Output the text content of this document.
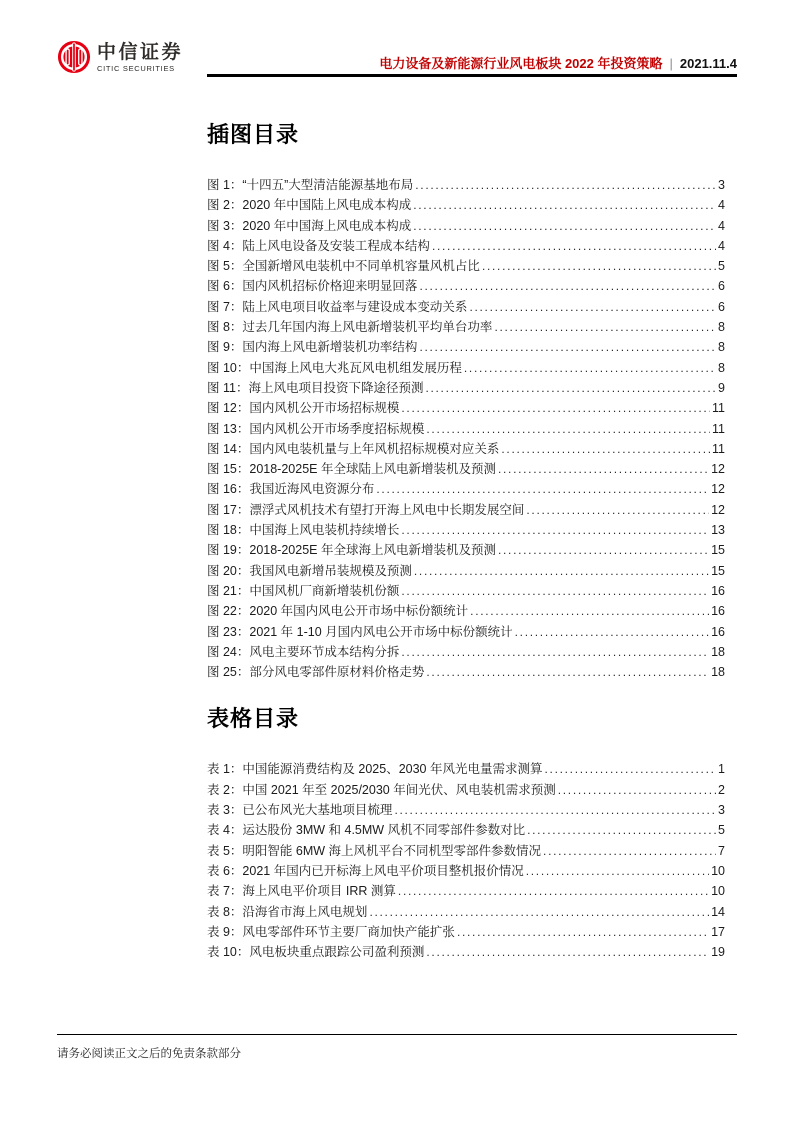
中信证券
CITIC SECURITIES	电力设备及新能源行业风电板块 2022 年投资策略 | 2021.11.4
插图目录
图 1：“十四五”大型清洁能源基地布局 .....	3
图 2：2020 年中国陆上风电成本构成 .....	4
图 3：2020 年中国海上风电成本构成 .....	4
图 4：陆上风电设备及安装工程成本结构 .....	4
图 5：全国新增风电装机中不同单机容量风机占比 .....	5
图 6：国内风机招标价格迎来明显回落 .....	6
图 7：陆上风电项目收益率与建设成本变动关系 .....	6
图 8：过去几年国内海上风电新增装机平均单台功率 .....	8
图 9：国内海上风电新增装机功率结构 .....	8
图 10：中国海上风电大兆瓦风电机组发展历程 .....	8
图 11：海上风电项目投资下降途径预测 .....	9
图 12：国内风机公开市场招标规模 .....	11
图 13：国内风机公开市场季度招标规模 .....	11
图 14：国内风电装机量与上年风机招标规模对应关系 .....	11
图 15：2018-2025E 年全球陆上风电新增装机及预测 .....	12
图 16：我国近海风电资源分布 .....	12
图 17：漂浮式风机技术有望打开海上风电中长期发展空间 .....	12
图 18：中国海上风电装机持续增长 .....	13
图 19：2018-2025E 年全球海上风电新增装机及预测 .....	15
图 20：我国风电新增吊装规模及预测 .....	15
图 21：中国风机厂商新增装机份额 .....	16
图 22：2020 年国内风电公开市场中标份额统计 .....	16
图 23：2021 年 1-10 月国内风电公开市场中标份额统计 .....	16
图 24：风电主要环节成本结构分拆 .....	18
图 25：部分风电零部件原材料价格走势 .....	18
表格目录
表 1：中国能源消费结构及 2025、2030 年风光电量需求测算 .....	1
表 2：中国 2021 年至 2025/2030 年间光伏、风电装机需求预测 .....	2
表 3：已公布风光大基地项目梳理 .....	3
表 4：运达股份 3MW 和 4.5MW 风机不同零部件参数对比 .....	5
表 5：明阳智能 6MW 海上风机平台不同机型零部件参数情况 .....	7
表 6：2021 年国内已开标海上风电平价项目整机报价情况 .....	10
表 7：海上风电平价项目 IRR 测算 .....	10
表 8：沿海省市海上风电规划 .....	14
表 9：风电零部件环节主要厂商加快产能扩张 .....	17
表 10：风电板块重点跟踪公司盈利预测 .....	19
请务必阅读正文之后的免责条款部分
